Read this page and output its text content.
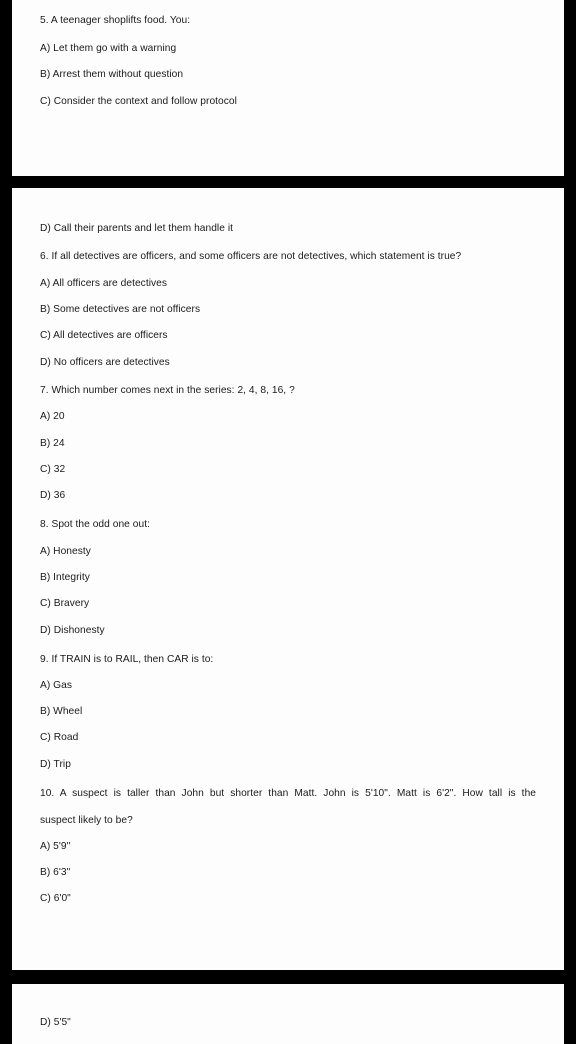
5. A teenager shoplifts food. You:
A) Let them go with a warning
B) Arrest them without question
C) Consider the context and follow protocol
D) Call their parents and let them handle it
6. If all detectives are officers, and some officers are not detectives, which statement is true?
A) All officers are detectives
B) Some detectives are not officers
C) All detectives are officers
D) No officers are detectives
7. Which number comes next in the series: 2, 4, 8, 16, ?
A) 20
B) 24
C) 32
D) 36
8. Spot the odd one out:
A) Honesty
B) Integrity
C) Bravery
D) Dishonesty
9. If TRAIN is to RAIL, then CAR is to:
A) Gas
B) Wheel
C) Road
D) Trip
10. A suspect is taller than John but shorter than Matt. John is 5'10". Matt is 6'2". How tall is the
suspect likely to be?
A) 5'9"
B) 6'3"
C) 6'0"
D) 5'5"
